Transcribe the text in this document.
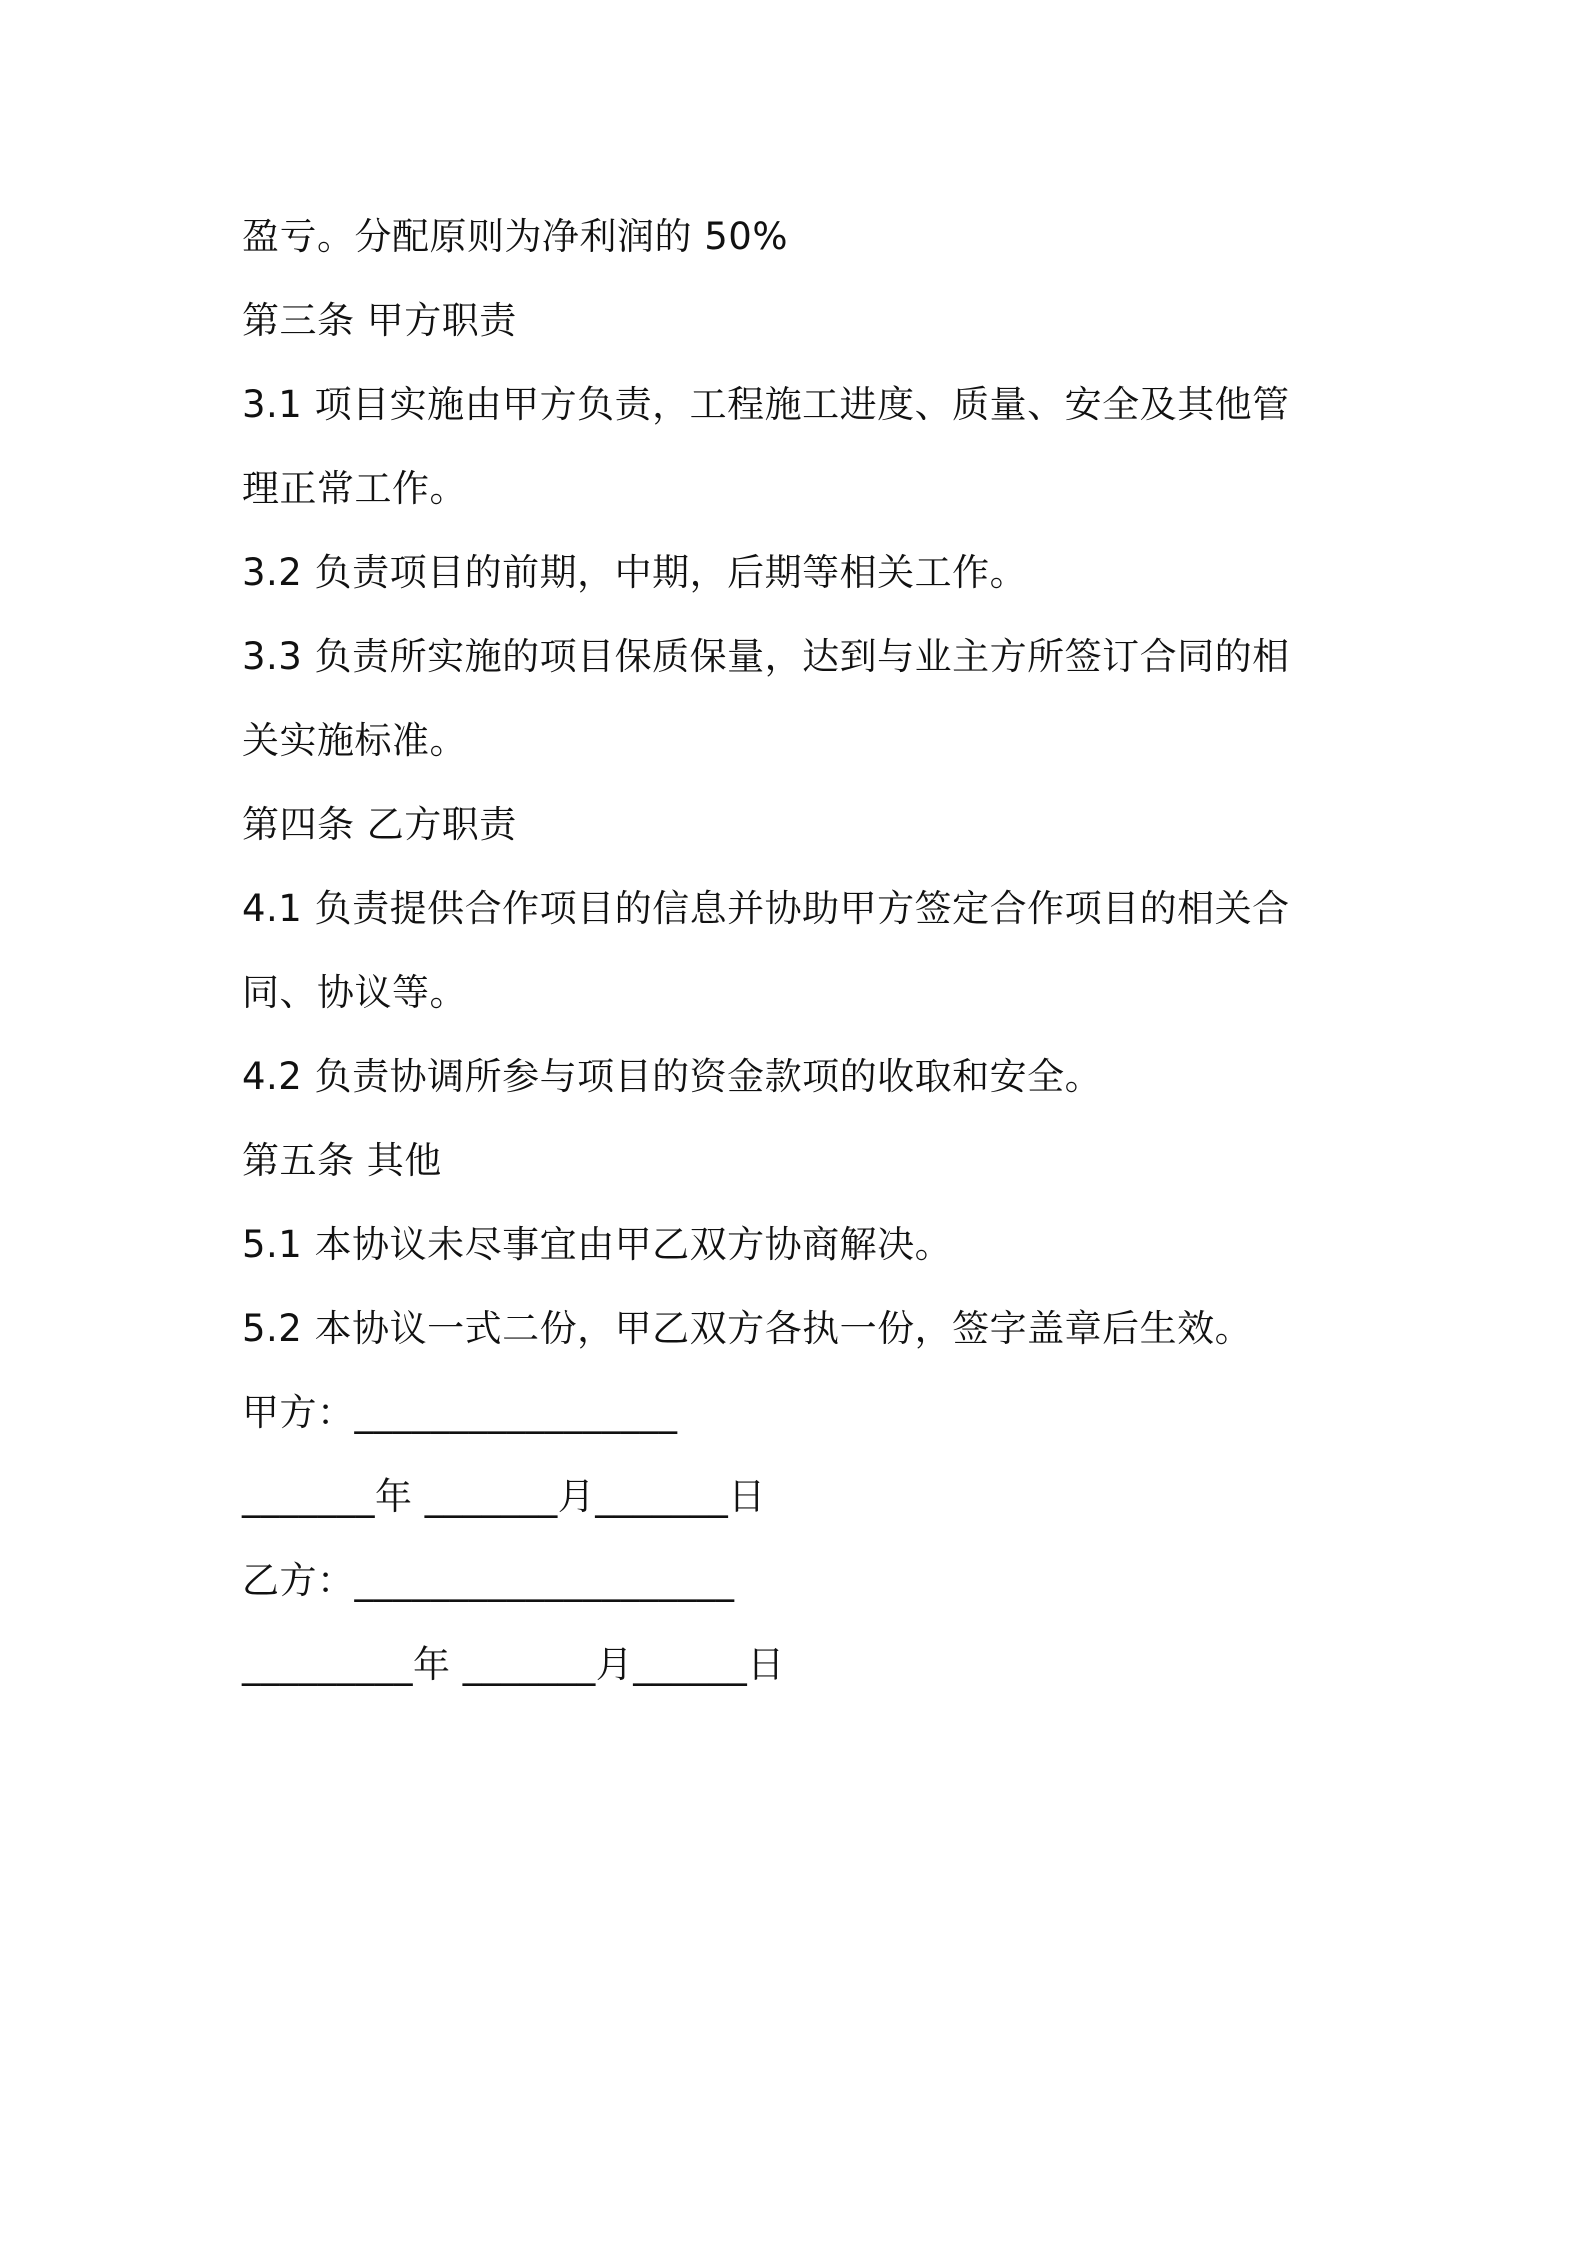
盈亏。分配原则为净利润的 50%
第三条 甲方职责
3.1 项目实施由甲方负责，工程施工进度、质量、安全及其他管
理正常工作。
3.2 负责项目的前期，中期，后期等相关工作。
3.3 负责所实施的项目保质保量，达到与业主方所签订合同的相
关实施标准。
第四条 乙方职责
4.1 负责提供合作项目的信息并协助甲方签定合作项目的相关合
同、协议等。
4.2 负责协调所参与项目的资金款项的收取和安全。
第五条 其他
5.1 本协议未尽事宜由甲乙双方协商解决。
5.2 本协议一式二份，甲乙双方各执一份，签字盖章后生效。
甲方：_________________
_______年 _______月_______日
乙方：____________________
_________年 _______月______日
